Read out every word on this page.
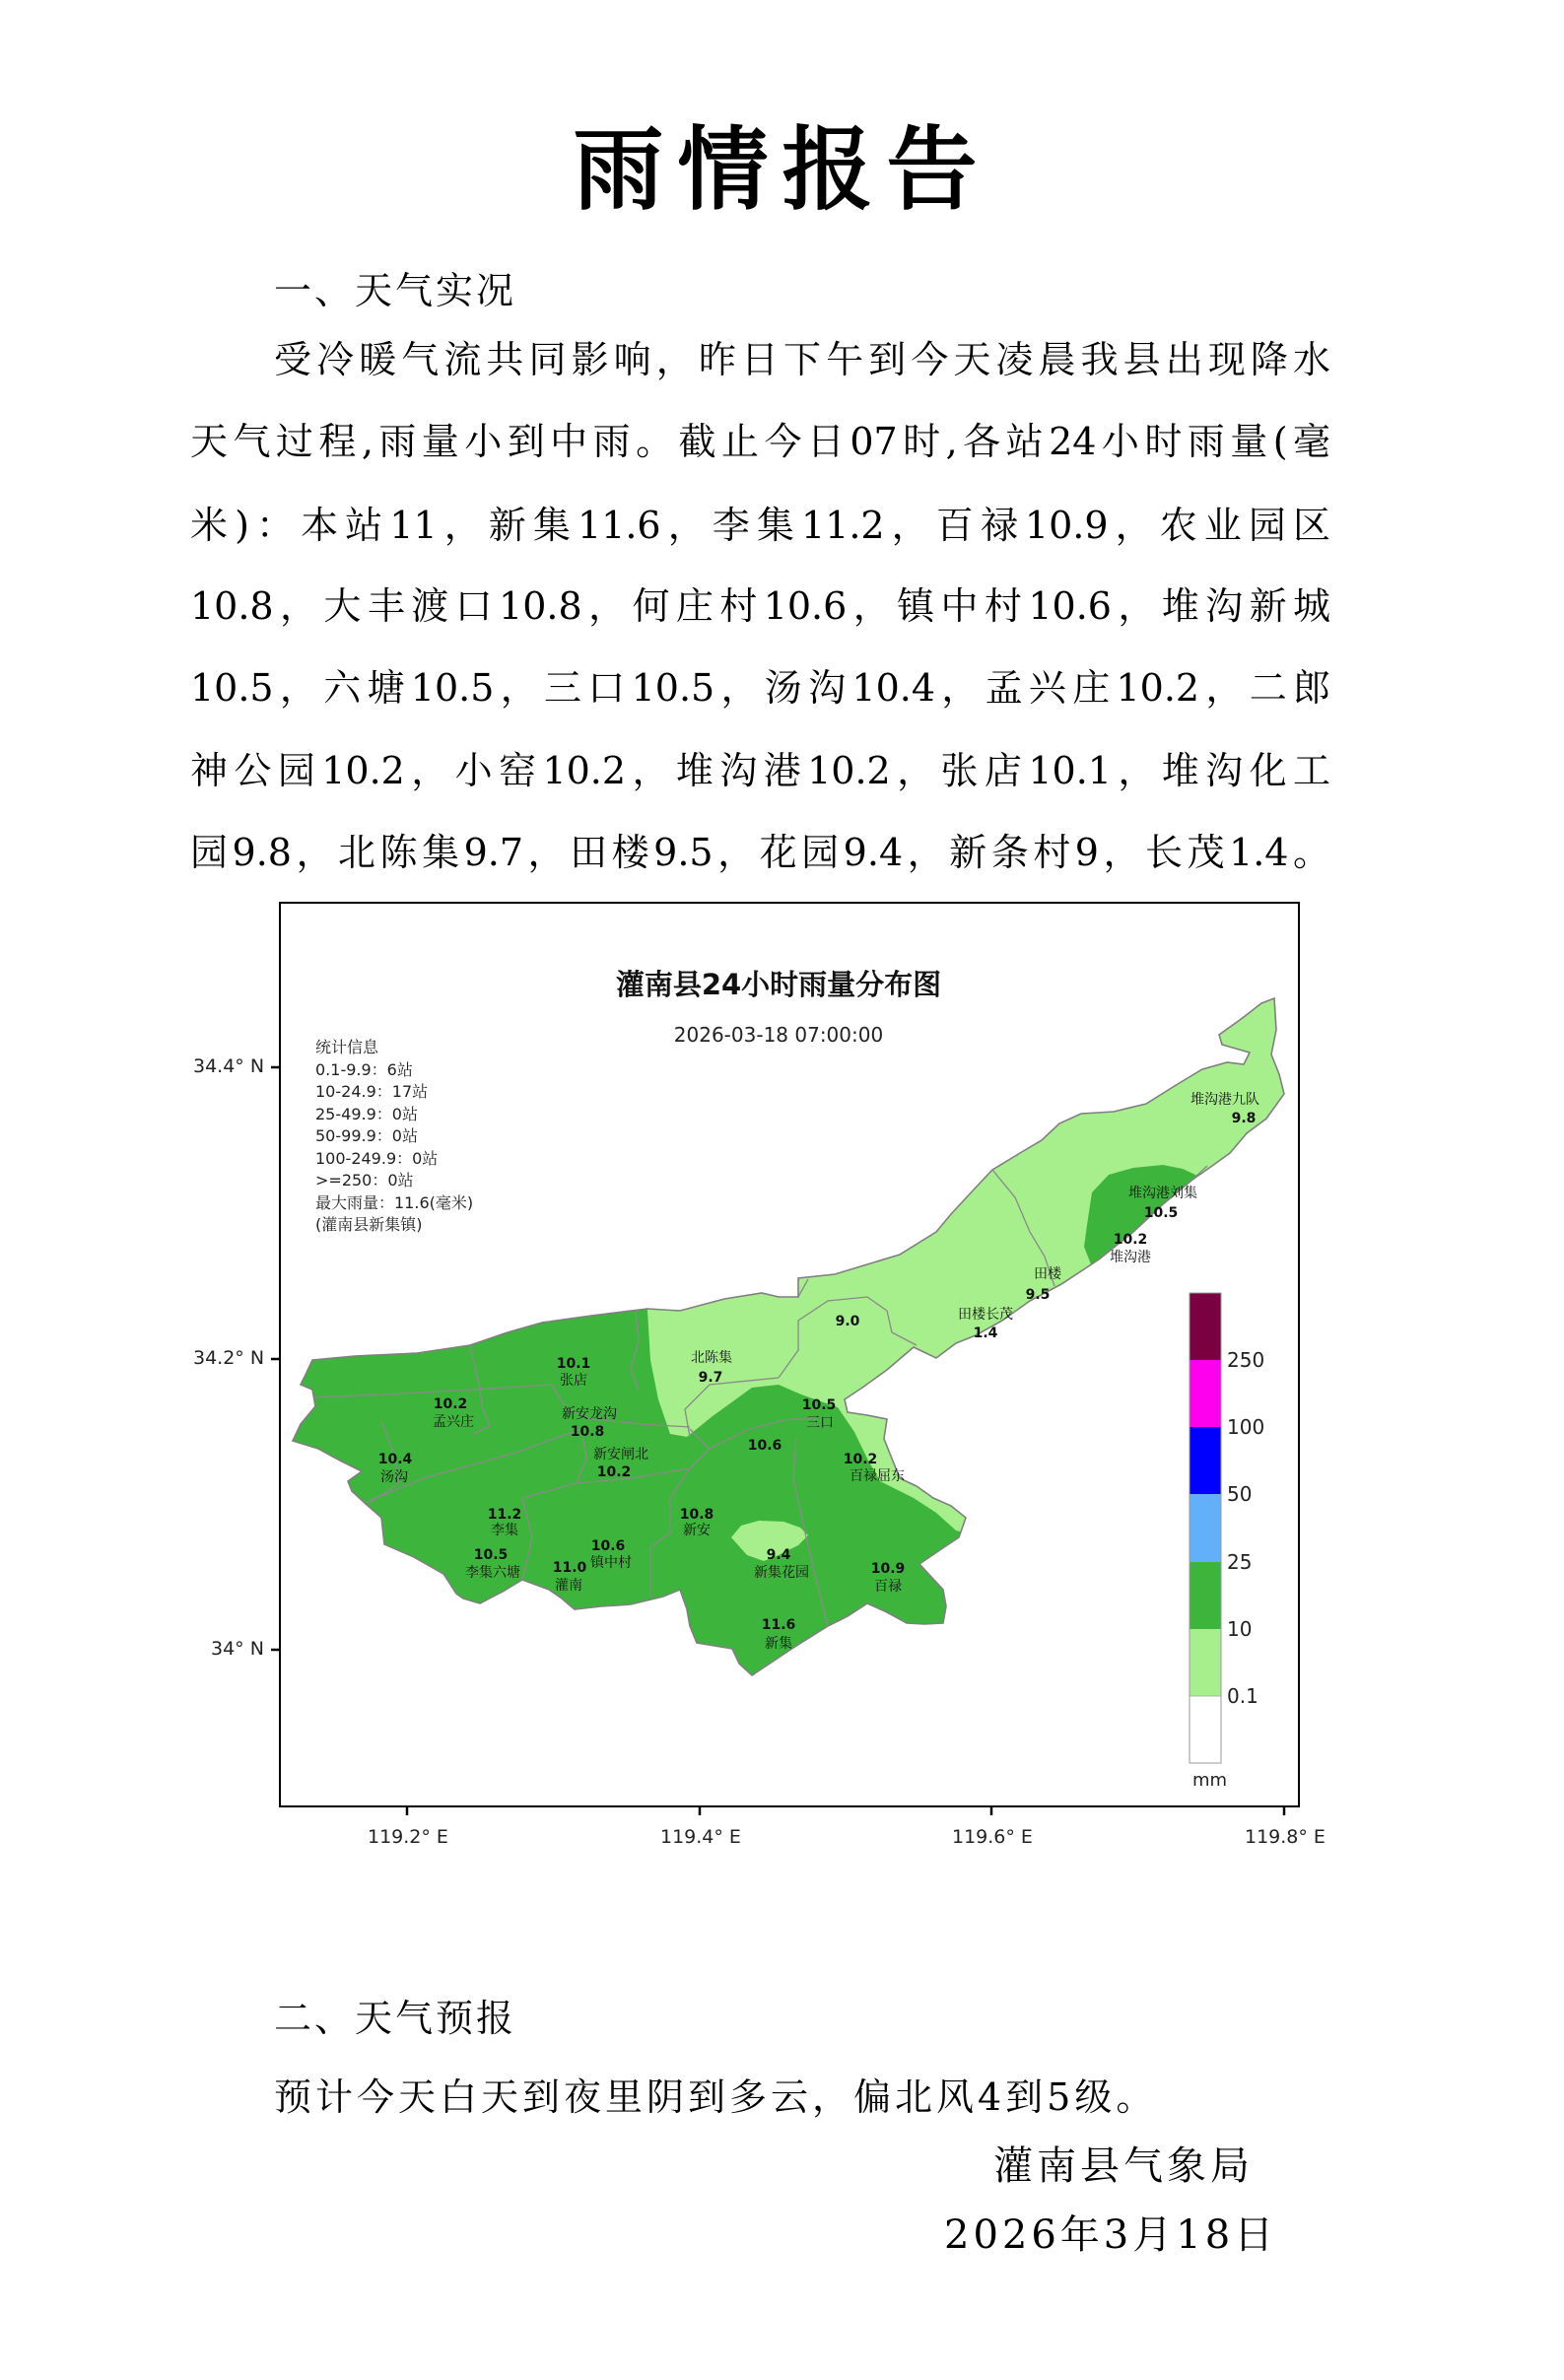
雨情报告
一、天气实况
受冷暖气流共同影响，昨日下午到今天凌晨我县出现降水
天气过程,雨量小到中雨。截止今日07时,各站24小时雨量(毫
米)：本站11，新集11.6，李集11.2，百禄10.9，农业园区
10.8，大丰渡口10.8，何庄村10.6，镇中村10.6，堆沟新城
10.5，六塘10.5，三口10.5，汤沟10.4，孟兴庄10.2，二郎
神公园10.2，小窑10.2，堆沟港10.2，张店10.1，堆沟化工
园9.8，北陈集9.7，田楼9.5，花园9.4，新条村9，长茂1.4。
灌南县24小时雨量分布图
2026-03-18 07:00:00
统计信息
0.1-9.9：6站
10-24.9：17站
25-49.9：0站
50-99.9：0站
100-249.9：0站
>=250：0站
最大雨量：11.6(毫米)
(灌南县新集镇)
堆沟港九队
9.8
堆沟港刘集
10.5
10.2
堆沟港
田楼
9.5
田楼长茂
1.4
9.0
北陈集
9.7
10.1
张店
10.2
孟兴庄	新安龙沟
10.8
新安闸北
10.2
10.4
汤沟
10.5
三口
10.6
10.2
百禄屈东
11.2
李集
10.8
新安
10.6
镇中村
10.5
李集六塘 11.0
灌南
9.4
新集花园	10.9
百禄
11.6
新集
250
100
50
25
10
0.1
mm
34.4° N
34.2° N
34° N
119.2° E	119.4° E	119.6° E	119.8° E
二、天气预报
预计今天白天到夜里阴到多云，偏北风4到5级。
灌南县气象局
2026年3月18日
